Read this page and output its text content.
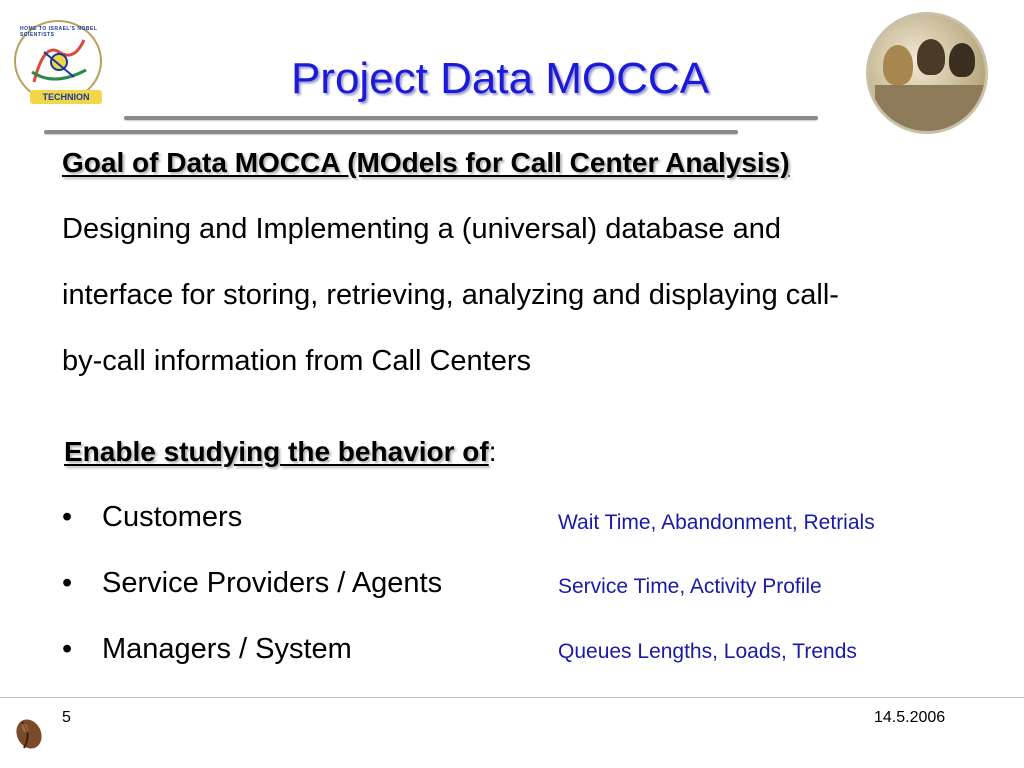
TECHNION
HOME TO ISRAEL'S NOBEL SCIENTISTS
Project Data MOCCA
Goal of Data MOCCA (MOdels for Call Center Analysis)
Designing and Implementing a (universal) database and
interface for storing, retrieving, analyzing and displaying call-
by-call information from Call Centers
Enable studying the behavior of:
• Customers
• Service Providers / Agents
• Managers / System
Wait Time, Abandonment, Retrials
Service Time, Activity Profile
Queues Lengths, Loads, Trends
5	14.5.2006
